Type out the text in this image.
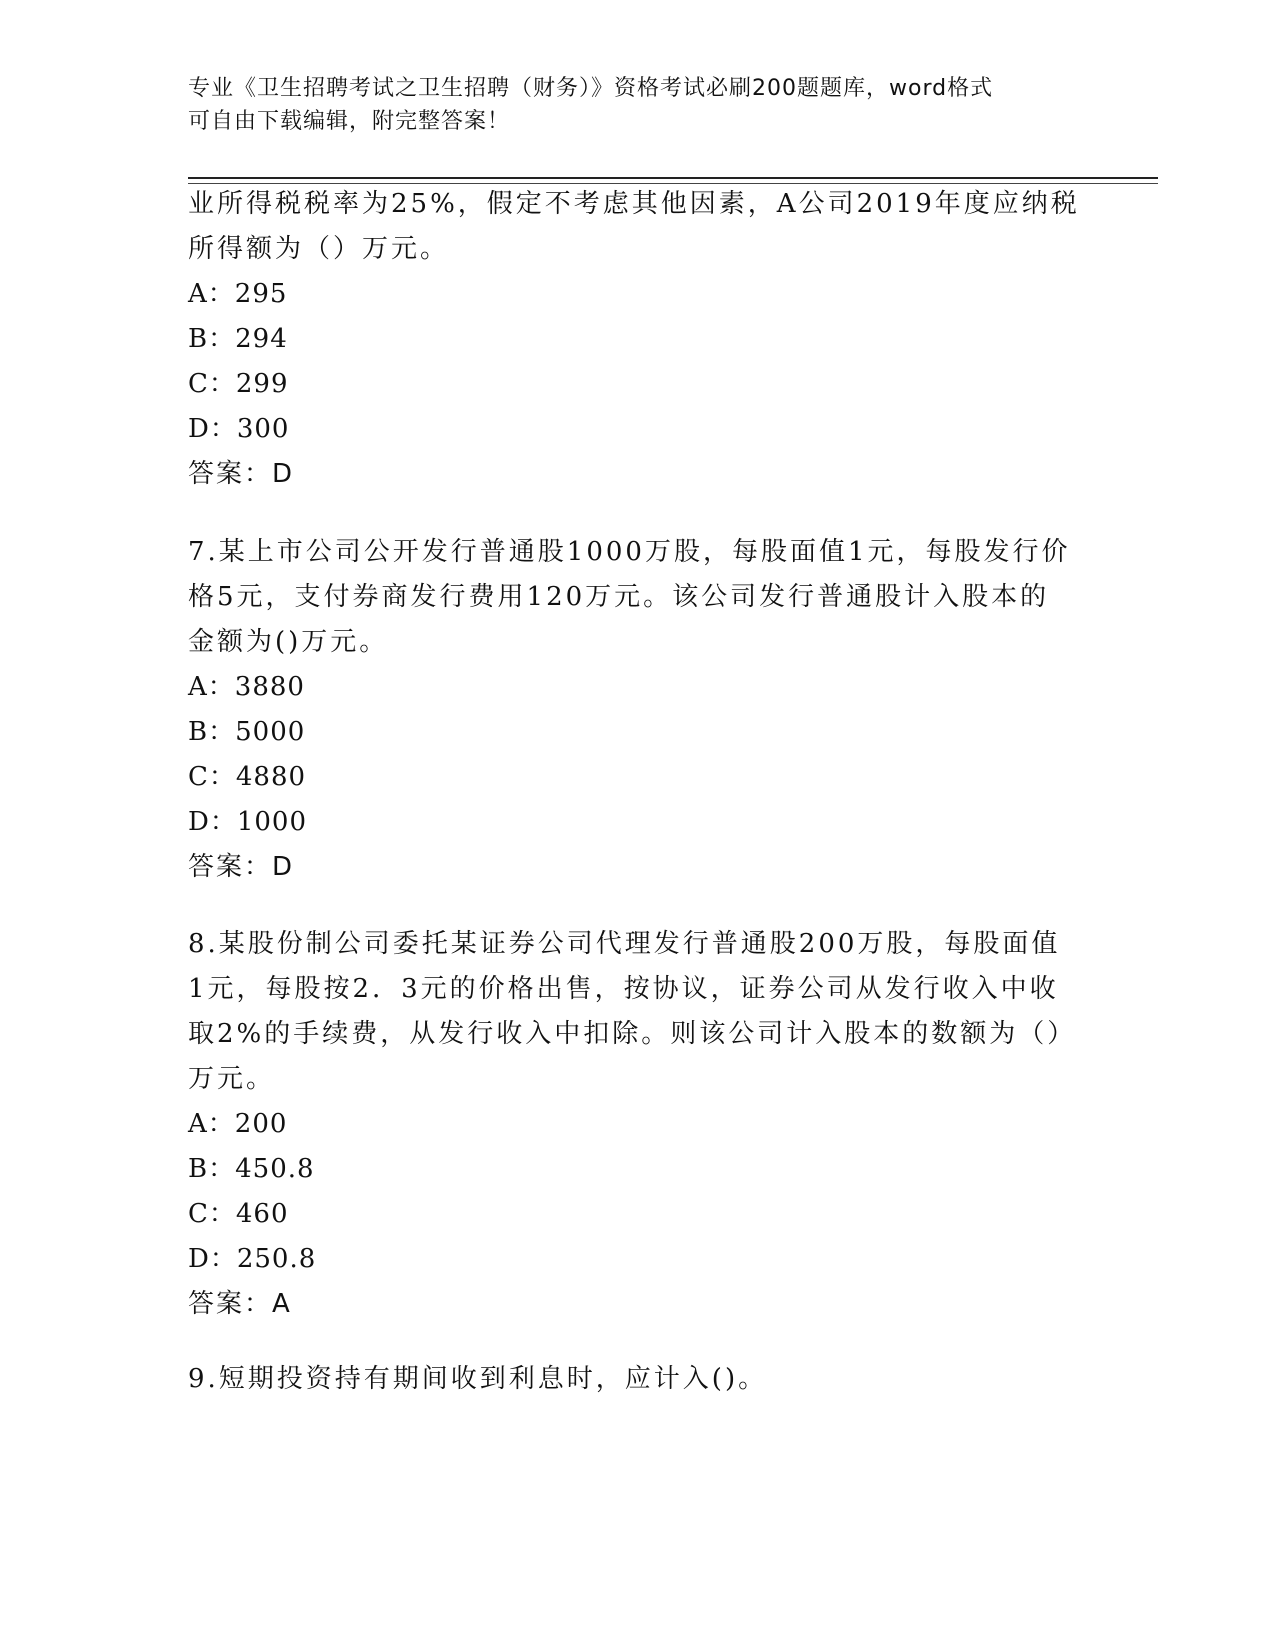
专业《卫生招聘考试之卫生招聘（财务）》资格考试必刷200题题库，word格式
可自由下载编辑，附完整答案！
业所得税税率为25%，假定不考虑其他因素，A公司2019年度应纳税
所得额为（）万元。
A：295
B：294
C：299
D：300
答案：D
7.某上市公司公开发行普通股1000万股，每股面值1元，每股发行价
格5元，支付券商发行费用120万元。该公司发行普通股计入股本的
金额为()万元。
A：3880
B：5000
C：4880
D：1000
答案：D
8.某股份制公司委托某证券公司代理发行普通股200万股，每股面值
1元，每股按2．3元的价格出售，按协议，证券公司从发行收入中收
取2%的手续费，从发行收入中扣除。则该公司计入股本的数额为（）
万元。
A：200
B：450.8
C：460
D：250.8
答案：A
9.短期投资持有期间收到利息时，应计入()。
